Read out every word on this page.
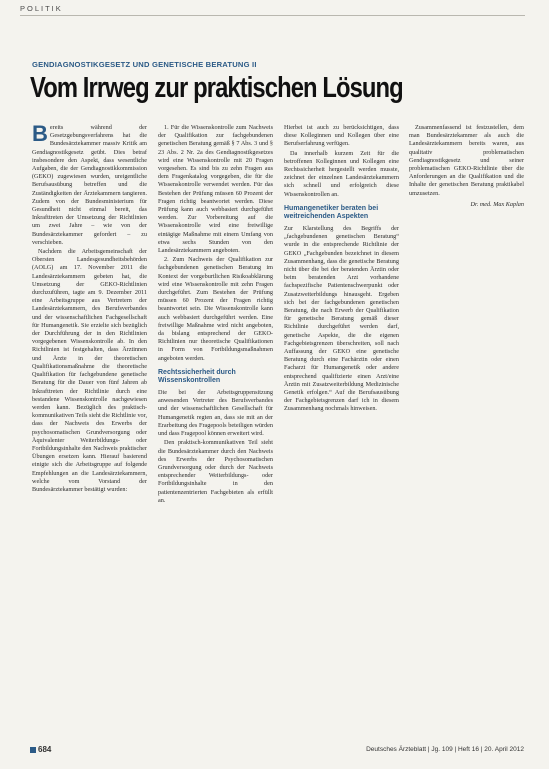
POLITIK
GENDIAGNOSTIKGESETZ UND GENETISCHE BERATUNG II
Vom Irrweg zur praktischen Lösung

Bereits während der Gesetzgebungsverfahrens hat die Bundesärztekammer massiv Kritik am Gendiagnostikgesetz geübt. Dies betraf insbesondere den Aspekt, dass wesentliche Aufgaben, die der Gendiagnostikkommission (GEKO) zugewiesen wurden, ureigentliche Berufsausübung betreffen und die Zuständigkeiten der Ärztekammern tangieren. Zudem von der Bundesministerium für Gesundheit nicht einmal bereit, das Inkrafttreten der Umsetzung der Richtlinien um zwei Jahre – wie von der Bundesärztekammer gefordert – zu verschieben.

Nachdem die Arbeitsgemeinschaft der Obersten Landesgesundheitsbehörden (AOLG) am 17. November 2011 die Landesärztekammern gebeten hat, die Umsetzung der GEKO-Richtlinien durchzuführen, tagte am 9. Dezember 2011 eine Arbeitsgruppe aus Vertretern der Landesärztekammern, des Berufsverbandes und der wissenschaftlichen Fachgesellschaft für Humangenetik. Sie erzielte sich bezüglich der Durchführung der in den Richtlinien vorgegebenen Wissenskontrolle ab. In den Richtlinien ist festgehalten, dass Ärztinnen und Ärzte in der theoretischen Qualifikationsmaßnahme die theoretische Qualifikation für fachgebundene genetische Beratung für die Dauer von fünf Jahren ab Inkrafttreten der Richtlinie durch eine bestandene Wissenskontrolle nachgewiesen werden kann. Bezüglich des praktisch-kommunikativen Teils sieht die Richtlinie vor, dass der Nachweis des Erwerbs der psychosomatischen Grundversorgung oder Äquivalenter Weiterbildungs- oder Fortbildungsinhalte den Nachweis praktischer Übungen ersetzen kann. Hierauf basierend einigte sich die Arbeitsgruppe auf folgende Empfehlungen an die Landesärztekammern, welche vom Vorstand der Bundesärztekammer bestätigt wurden:

1. Für die Wissenskontrolle zum Nachweis der Qualifikation zur fachgebundenen genetischen Beratung gemäß § 7 Abs. 3 und § 23 Abs. 2 Nr. 2a des Gendiagnostikgesetzes wird eine Wissenskontrolle mit 20 Fragen vorgesehen. Es sind bis zu zehn Fragen aus dem Fragenkatalog vorgegeben, die für die Wissenskontrolle verwendet werden. Für das Bestehen der Prüfung müssen 60 Prozent der Fragen richtig beantwortet werden. Diese Prüfung kann auch webbasiert durchgeführt werden. Zur Vorbereitung auf die Wissenskontrolle wird eine freiwillige eintägige Maßnahme mit einem Umfang von etwa sechs Stunden von den Landesärztekammern angeboten.

2. Zum Nachweis der Qualifikation zur fachgebundenen genetischen Beratung im Kontext der vorgeburtlichen Risikoabklärung wird eine Wissenskontrolle mit zehn Fragen durchgeführt. Zum Bestehen der Prüfung müssen 60 Prozent der Fragen richtig beantwortet sein. Die Wissenskontrolle kann auch webbasiert durchgeführt werden. Eine freiwillige Maßnahme wird nicht angeboten, da bislang entsprechend der GEKO-Richtlinien nur theoretische Qualifikationen in Form von Fortbildungsmaßnahmen angeboten werden.

Rechtssicherheit durch Wissenskontrollen

Die bei der Arbeitsgruppensitzung anwesenden Vertreter des Berufsverbandes und der wissenschaftlichen Gesellschaft für Humangenetik regten an, dass sie mit an der Erarbeitung des Fragepools beteiligen würden und dass Fragepool können erweitert wird.

Den praktisch-kommunikativen Teil sieht die Bundesärztekammer durch den Nachweis des Erwerbs der Psychosomatischen Grundversorgung oder durch der Nachweis entsprechender Weiterbildungs- oder Fortbildungsinhalte in den patientenzentrierten Fachgebieten als erfüllt an.

Hierbei ist auch zu berücksichtigen, dass diese Kolleginnen und Kollegen über eine Berufserfahrung verfügen.

Da innerhalb kurzem Zeit für die betroffenen Kolleginnen und Kollegen eine Rechtssicherheit hergestellt werden musste, zeichnet der einzelnen Landesärztekammern sich schnell und erfolgreich diese Wissenskontrollen an.

Humangenetiker beraten bei weitreichenden Aspekten

Zur Klarstellung des Begriffs der „fachgebundenen genetischen Beratung“ wurde in die entsprechende Richtlinie der GEKO „Fachgebunden bezeichnet in diesem Zusammenhang, dass die genetische Beratung nicht über die bei der beratenden Ärztin oder beim beratenden Arzt vorhandene fachspezifische Patientenschwerpunkt oder Zusatzweiterbildungs hinausgeht. Ergeben sich bei der fachgebundenen genetischen Beratung, die nach Erwerb der Qualifikation für genetische Beratung gemäß dieser Richtlinie durchgeführt werden darf, genetische Aspekte, die die eigenen Fachgebietsgrenzen überschreiten, soll nach Auffassung der GEKO eine genetische Beratung durch eine Fachärztin oder einen Facharzt für Humangenetik oder andere entsprechend qualifizierte einen Arzt/eine Ärztin mit Zusatzweiterbildung Medizinische Genetik erfolgen.“ Auf die Berufsausübung der Fachgebietsgrenzen darf ich in diesem Zusammenhang nochmals hinweisen.

Zusammenfassend ist festzustellen, dem man Bundesärztekammer als auch die Landesärztekammern bereits waren, aus qualitativ problematischen Gendiagnostikgesetz und seiner problematischen GEKO-Richtlinie über die Anforderungen an die Qualifikation und die Inhalte der genetischen Beratung praktikabel umzusetzen.

Dr. med. Max Kaplan
684	Deutsches Ärzteblatt | Jg. 109 | Heft 16 | 20. April 2012
